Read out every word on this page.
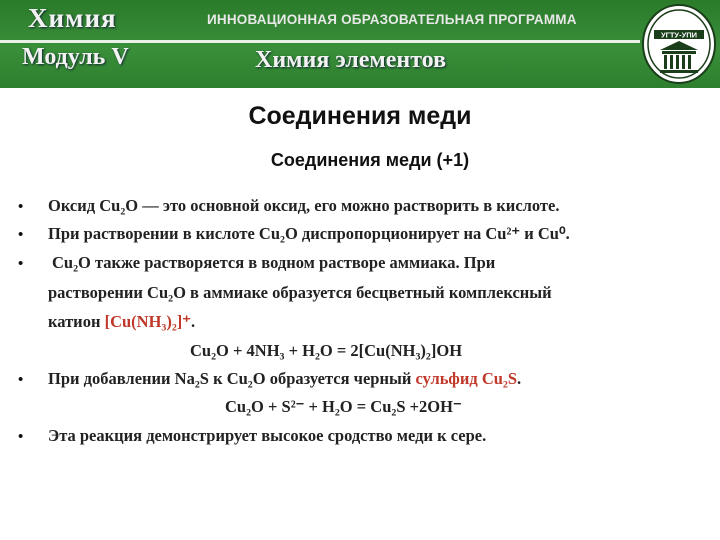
Химия
Модуль V
ИННОВАЦИОННАЯ ОБРАЗОВАТЕЛЬНАЯ ПРОГРАММА
Химия элементов
УГТУ-УПИ
Соединения меди
Соединения меди (+1)
• Оксид Cu₂O — это основной оксид, его можно растворить в кислоте.
• При растворении в кислоте Cu₂O диспропорционирует на Cu²⁺ и Cu⁰.
• Cu₂O также растворяется в водном растворе аммиака. При
растворении Cu₂O в аммиаке образуется бесцветный комплексный
катион [Cu(NH₃)₂]⁺.
Cu₂O + 4NH₃ + H₂O = 2[Cu(NH₃)₂]OH
• При добавлении Na₂S к Cu₂O образуется черный сульфид Cu₂S.
Cu₂O + S²⁻ + H₂O = Cu₂S +2OH⁻
• Эта реакция демонстрирует высокое сродство меди к сере.
